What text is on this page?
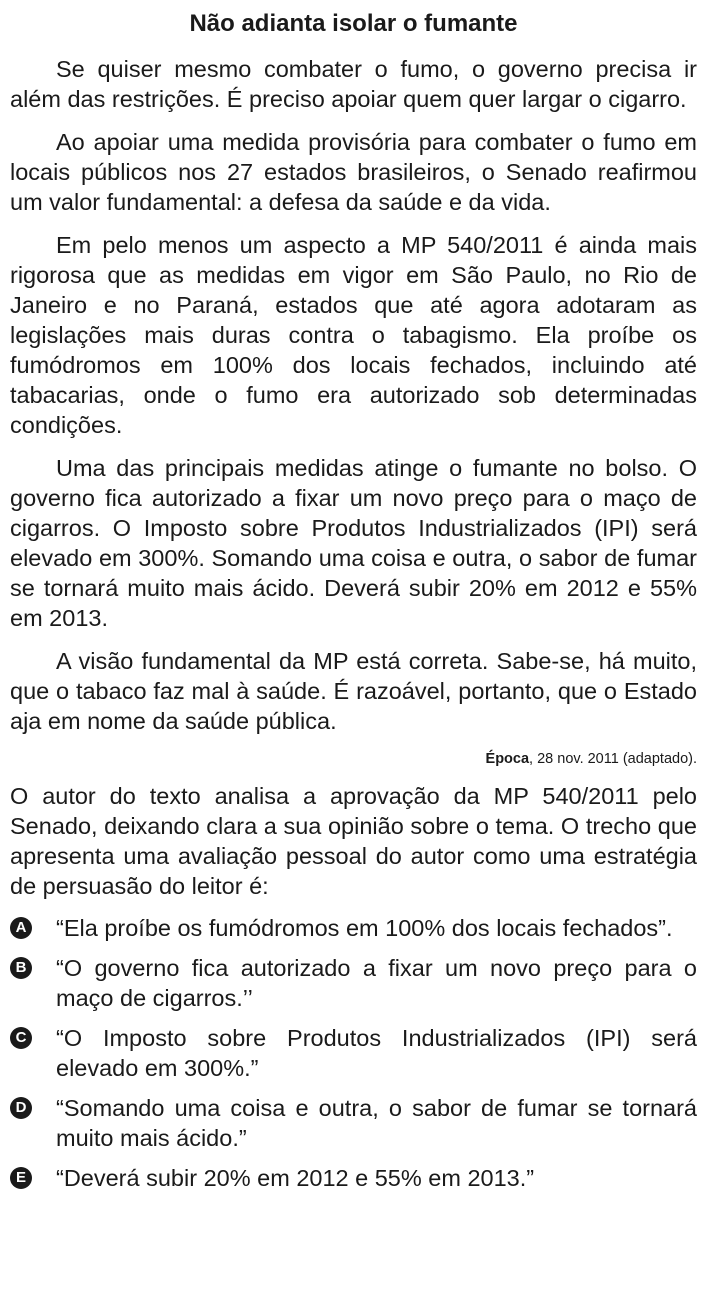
Não adianta isolar o fumante

Se quiser mesmo combater o fumo, o governo precisa ir além das restrições. É preciso apoiar quem quer largar o cigarro.

Ao apoiar uma medida provisória para combater o fumo em locais públicos nos 27 estados brasileiros, o Senado reafirmou um valor fundamental: a defesa da saúde e da vida.

Em pelo menos um aspecto a MP 540/2011 é ainda mais rigorosa que as medidas em vigor em São Paulo, no Rio de Janeiro e no Paraná, estados que até agora adotaram as legislações mais duras contra o tabagismo. Ela proíbe os fumódromos em 100% dos locais fechados, incluindo até tabacarias, onde o fumo era autorizado sob determinadas condições.

Uma das principais medidas atinge o fumante no bolso. O governo fica autorizado a fixar um novo preço para o maço de cigarros. O Imposto sobre Produtos Industrializados (IPI) será elevado em 300%. Somando uma coisa e outra, o sabor de fumar se tornará muito mais ácido. Deverá subir 20% em 2012 e 55% em 2013.

A visão fundamental da MP está correta. Sabe-se, há muito, que o tabaco faz mal à saúde. É razoável, portanto, que o Estado aja em nome da saúde pública.

Época, 28 nov. 2011 (adaptado).

O autor do texto analisa a aprovação da MP 540/2011 pelo Senado, deixando clara a sua opinião sobre o tema. O trecho que apresenta uma avaliação pessoal do autor como uma estratégia de persuasão do leitor é:

A “Ela proíbe os fumódromos em 100% dos locais fechados”.
B “O governo fica autorizado a fixar um novo preço para o maço de cigarros.’’
C “O Imposto sobre Produtos Industrializados (IPI) será elevado em 300%.”
D “Somando uma coisa e outra, o sabor de fumar se tornará muito mais ácido.”
E “Deverá subir 20% em 2012 e 55% em 2013.”
